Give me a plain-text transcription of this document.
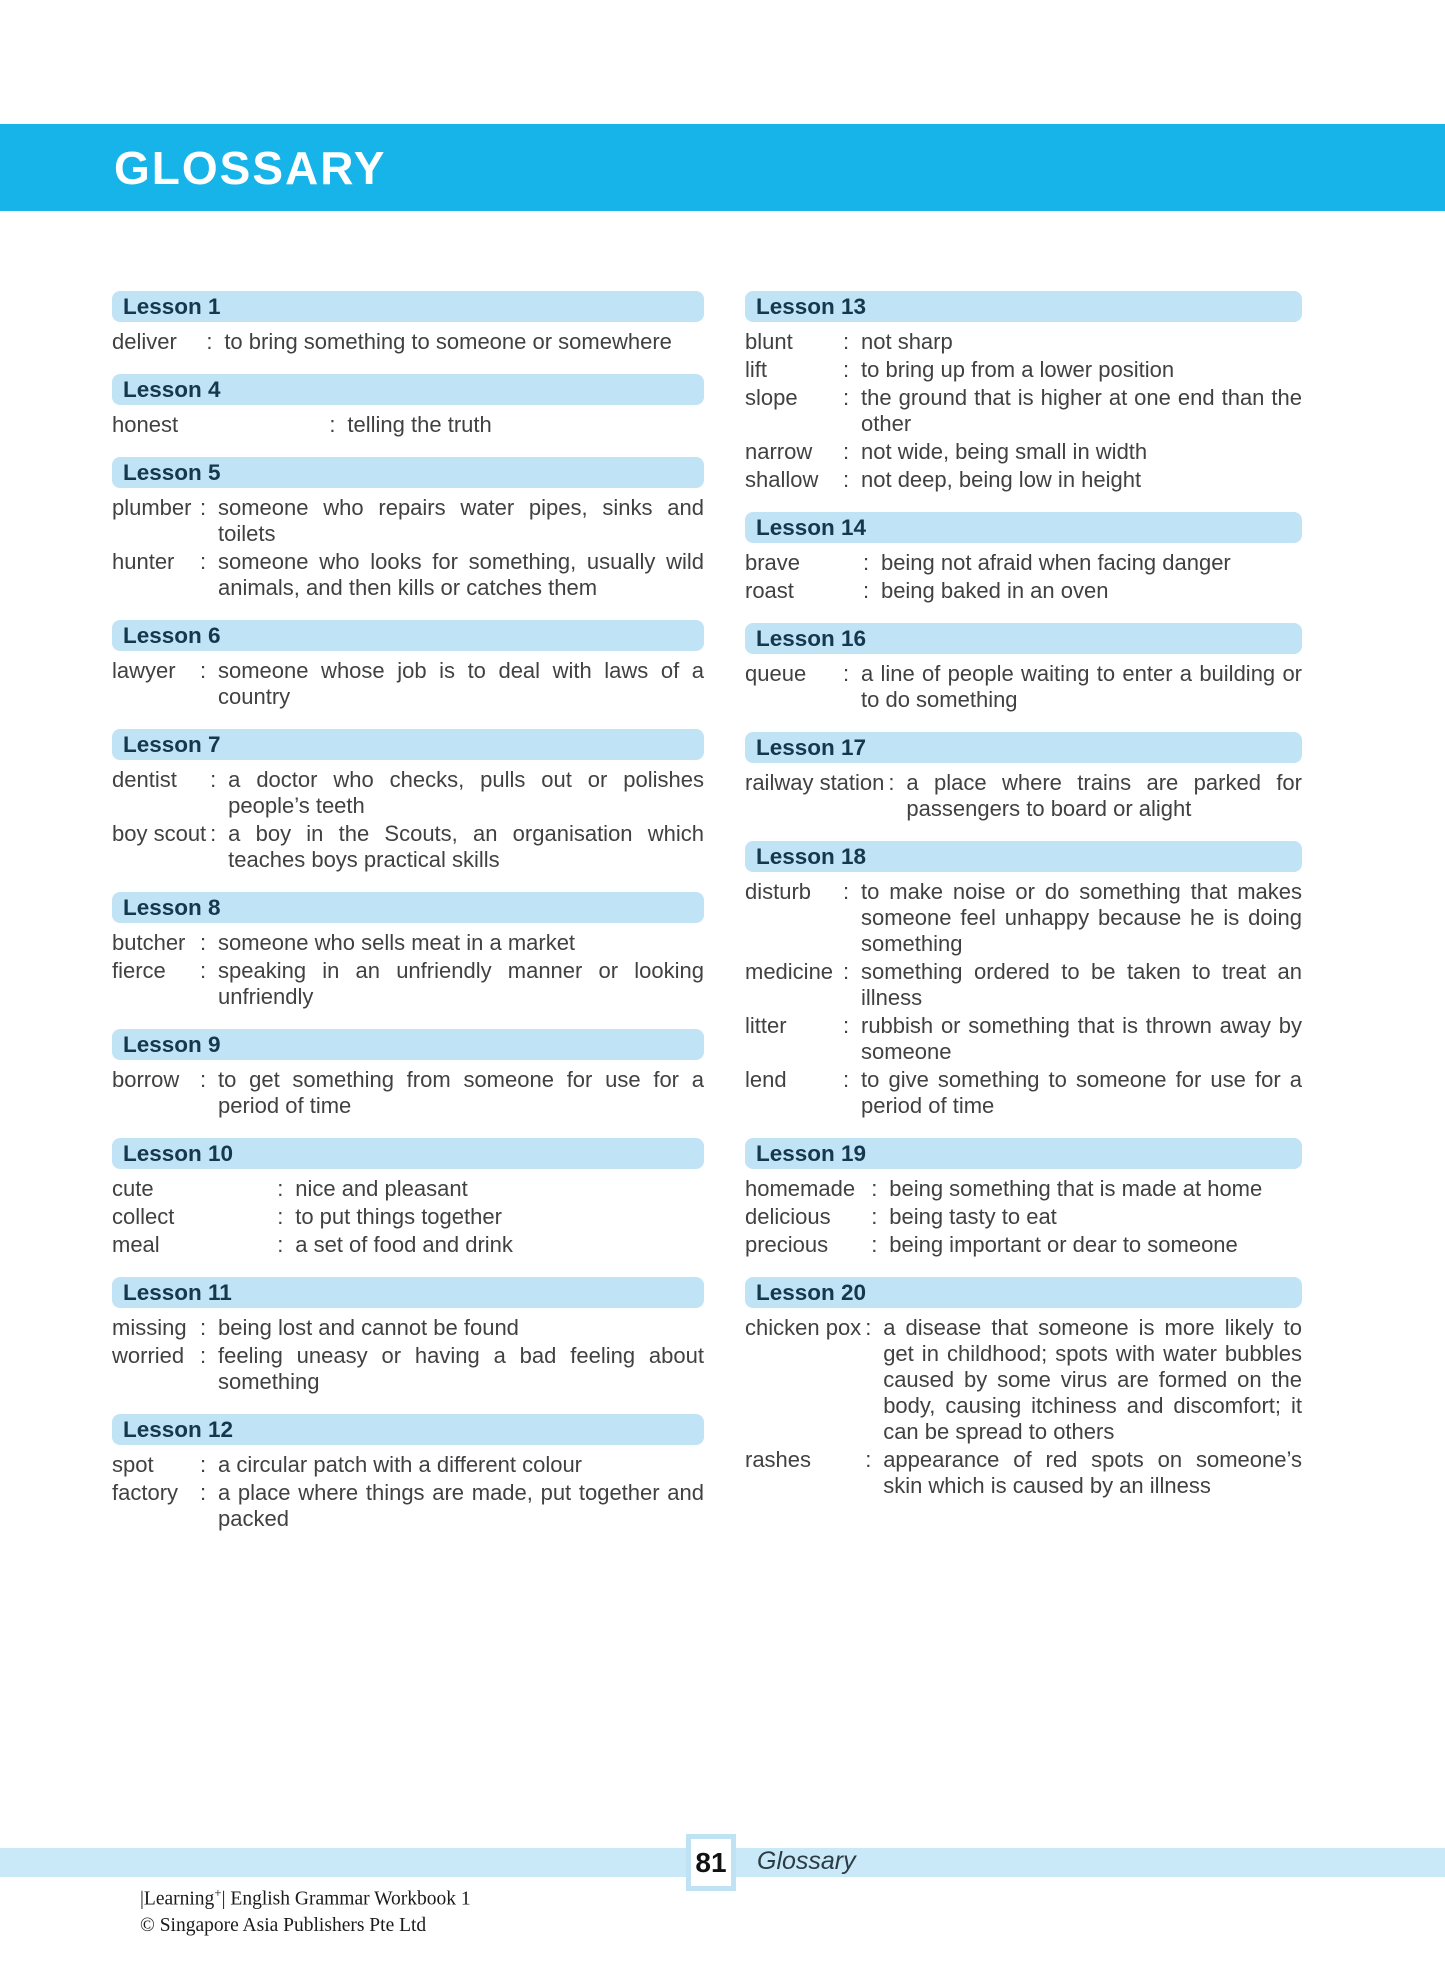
GLOSSARY
Lesson 1
deliver	:	to bring something to someone or somewhere
Lesson 4
honest	:	telling the truth
Lesson 5
plumber	:	someone who repairs water pipes, sinks and toilets
hunter	:	someone who looks for something, usually wild animals, and then kills or catches them
Lesson 6
lawyer	:	someone whose job is to deal with laws of a country
Lesson 7
dentist	:	a doctor who checks, pulls out or polishes people’s teeth
boy scout	:	a boy in the Scouts, an organisation which teaches boys practical skills
Lesson 8
butcher	:	someone who sells meat in a market
fierce	:	speaking in an unfriendly manner or looking unfriendly
Lesson 9
borrow	:	to get something from someone for use for a period of time
Lesson 10
cute	:	nice and pleasant
collect	:	to put things together
meal	:	a set of food and drink
Lesson 11
missing	:	being lost and cannot be found
worried	:	feeling uneasy or having a bad feeling about something
Lesson 12
spot	:	a circular patch with a different colour
factory	:	a place where things are made, put together and packed
Lesson 13
blunt	:	not sharp
lift	:	to bring up from a lower position
slope	:	the ground that is higher at one end than the other
narrow	:	not wide, being small in width
shallow	:	not deep, being low in height
Lesson 14
brave	:	being not afraid when facing danger
roast	:	being baked in an oven
Lesson 16
queue	:	a line of people waiting to enter a building or to do something
Lesson 17
railway station	:	a place where trains are parked for passengers to board or alight
Lesson 18
disturb	:	to make noise or do something that makes someone feel unhappy because he is doing something
medicine	:	something ordered to be taken to treat an illness
litter	:	rubbish or something that is thrown away by someone
lend	:	to give something to someone for use for a period of time
Lesson 19
homemade	:	being something that is made at home
delicious	:	being tasty to eat
precious	:	being important or dear to someone
Lesson 20
chicken pox	:	a disease that someone is more likely to get in childhood; spots with water bubbles caused by some virus are formed on the body, causing itchiness and discomfort; it can be spread to others
rashes	:	appearance of red spots on someone’s skin which is caused by an illness
81 Glossary
|Learning+| English Grammar Workbook 1
© Singapore Asia Publishers Pte Ltd
